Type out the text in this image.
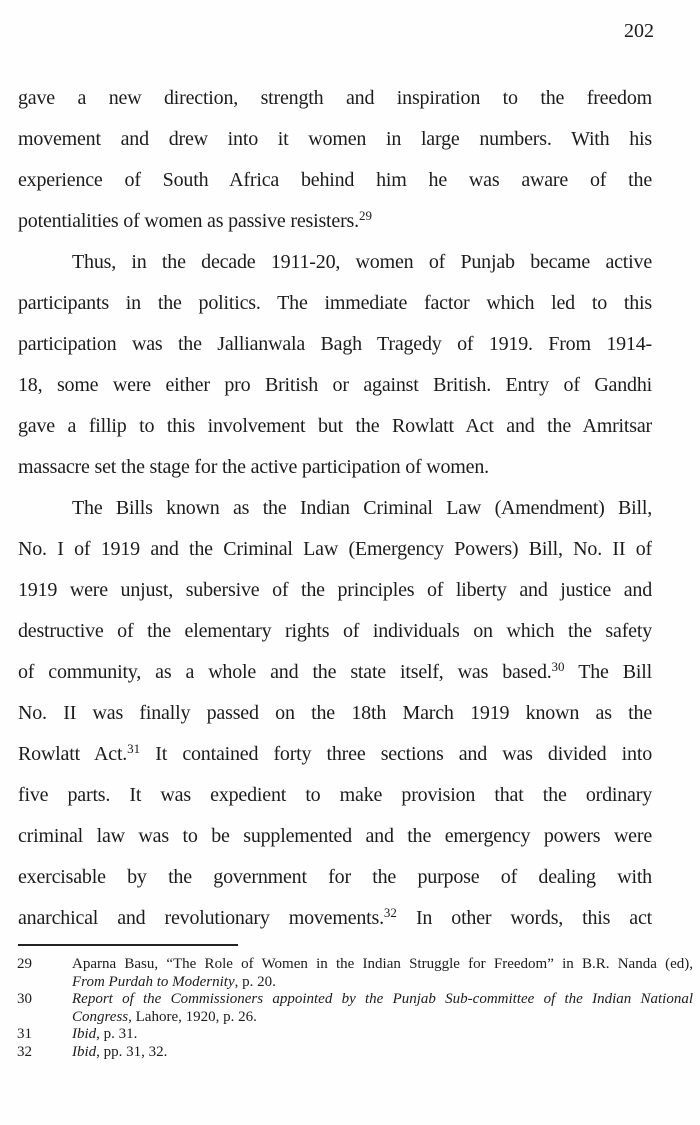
202
gave a new direction, strength and inspiration to the freedom
movement and drew into it women in large numbers. With his
experience of South Africa behind him he was aware of the
potentialities of women as passive resisters.$^{29}$
Thus, in the decade 1911-20, women of Punjab became active
participants in the politics. The immediate factor which led to this
participation was the Jallianwala Bagh Tragedy of 1919. From 1914-
18, some were either pro British or against British. Entry of Gandhi
gave a fillip to this involvement but the Rowlatt Act and the Amritsar
massacre set the stage for the active participation of women.
The Bills known as the Indian Criminal Law (Amendment) Bill,
No. I of 1919 and the Criminal Law (Emergency Powers) Bill, No. II of
1919 were unjust, subersive of the principles of liberty and justice and
destructive of the elementary rights of individuals on which the safety
of community, as a whole and the state itself, was based.$^{30}$ The Bill
No. II was finally passed on the 18th March 1919 known as the
Rowlatt Act.$^{31}$ It contained forty three sections and was divided into
five parts. It was expedient to make provision that the ordinary
criminal law was to be supplemented and the emergency powers were
exercisable by the government for the purpose of dealing with
anarchical and revolutionary movements.$^{32}$ In other words, this act
29	Aparna Basu, “The Role of Women in the Indian Struggle for Freedom” in B.R. Nanda (ed),
From Purdah to Modernity, p. 20.
30	Report of the Commissioners appointed by the Punjab Sub-committee of the Indian National
Congress, Lahore, 1920, p. 26.
31	Ibid, p. 31.
32	Ibid, pp. 31, 32.
